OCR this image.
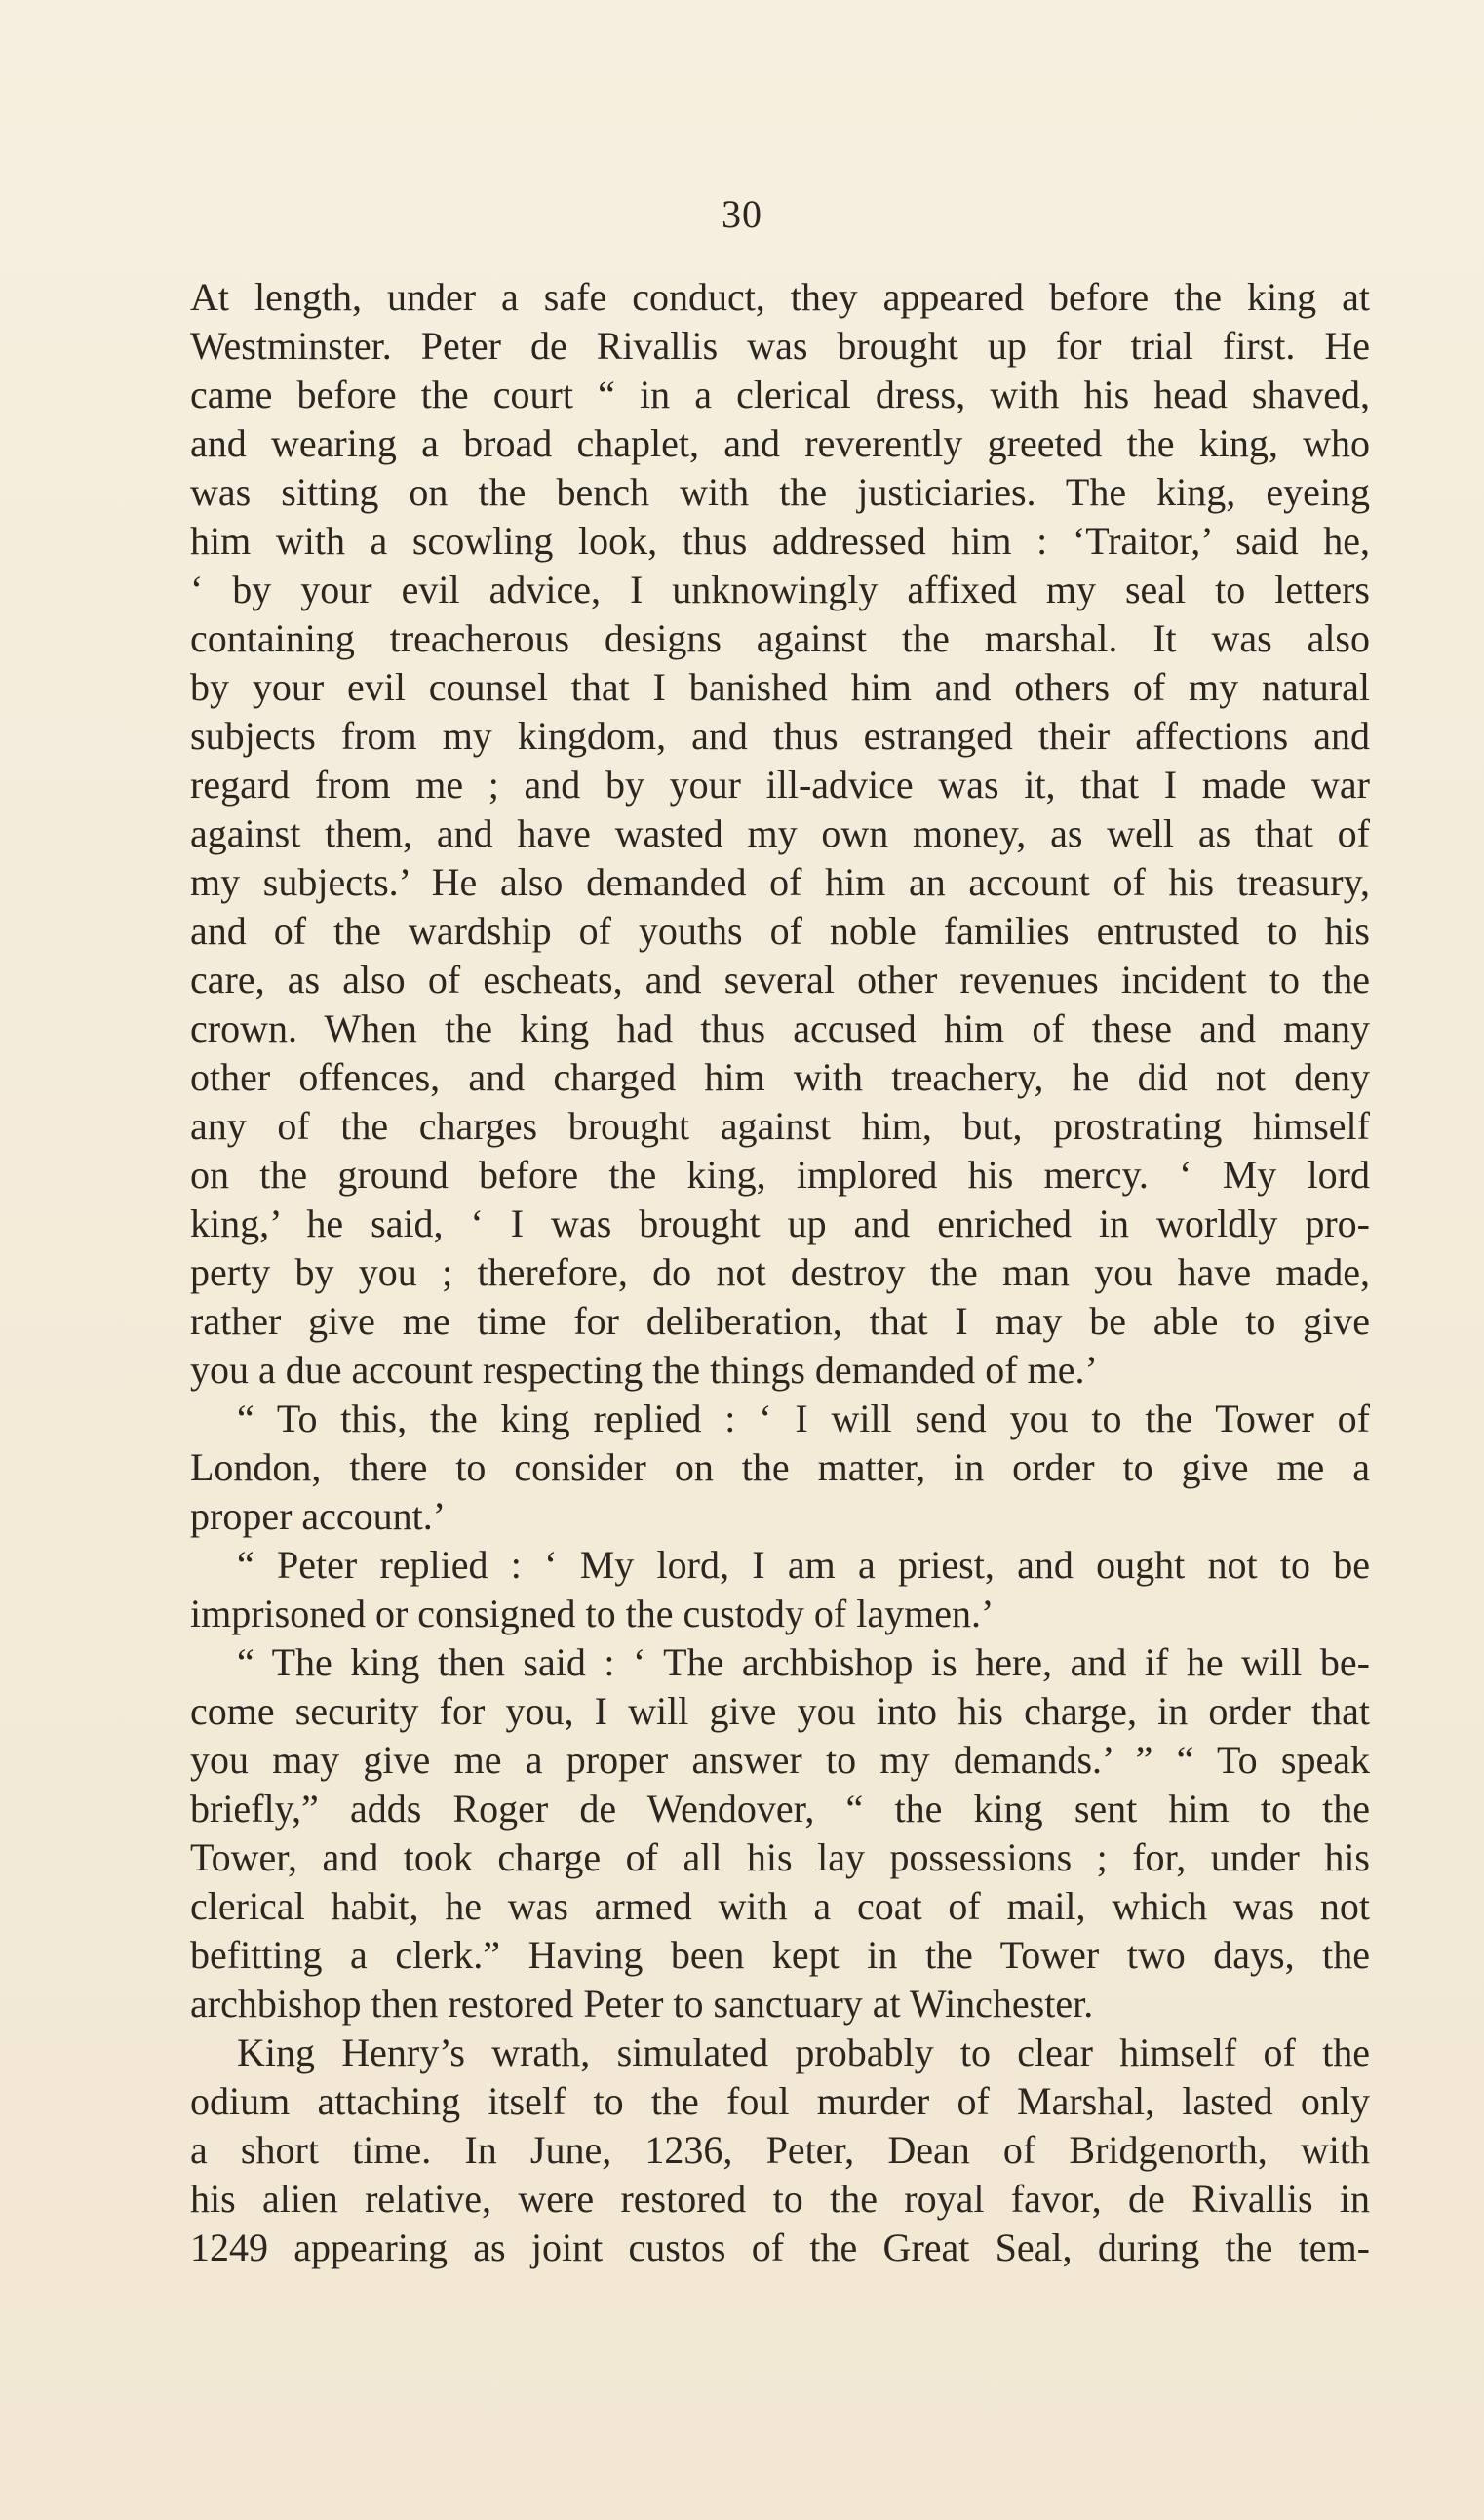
30
At length, under a safe conduct, they appeared before the king at
Westminster. Peter de Rivallis was brought up for trial first. He
came before the court “ in a clerical dress, with his head shaved,
and wearing a broad chaplet, and reverently greeted the king, who
was sitting on the bench with the justiciaries. The king, eyeing
him with a scowling look, thus addressed him : ‘Traitor,’ said he,
‘ by your evil advice, I unknowingly affixed my seal to letters
containing treacherous designs against the marshal. It was also
by your evil counsel that I banished him and others of my natural
subjects from my kingdom, and thus estranged their affections and
regard from me ; and by your ill-advice was it, that I made war
against them, and have wasted my own money, as well as that of
my subjects.’ He also demanded of him an account of his treasury,
and of the wardship of youths of noble families entrusted to his
care, as also of escheats, and several other revenues incident to the
crown. When the king had thus accused him of these and many
other offences, and charged him with treachery, he did not deny
any of the charges brought against him, but, prostrating himself
on the ground before the king, implored his mercy. ‘ My lord
king,’ he said, ‘ I was brought up and enriched in worldly pro-
perty by you ; therefore, do not destroy the man you have made,
rather give me time for deliberation, that I may be able to give
you a due account respecting the things demanded of me.’
“ To this, the king replied : ‘ I will send you to the Tower of
London, there to consider on the matter, in order to give me a
proper account.’
“ Peter replied : ‘ My lord, I am a priest, and ought not to be
imprisoned or consigned to the custody of laymen.’
“ The king then said : ‘ The archbishop is here, and if he will be-
come security for you, I will give you into his charge, in order that
you may give me a proper answer to my demands.’ ” “ To speak
briefly,” adds Roger de Wendover, “ the king sent him to the
Tower, and took charge of all his lay possessions ; for, under his
clerical habit, he was armed with a coat of mail, which was not
befitting a clerk.” Having been kept in the Tower two days, the
archbishop then restored Peter to sanctuary at Winchester.
King Henry’s wrath, simulated probably to clear himself of the
odium attaching itself to the foul murder of Marshal, lasted only
a short time. In June, 1236, Peter, Dean of Bridgenorth, with
his alien relative, were restored to the royal favor, de Rivallis in
1249 appearing as joint custos of the Great Seal, during the tem-
